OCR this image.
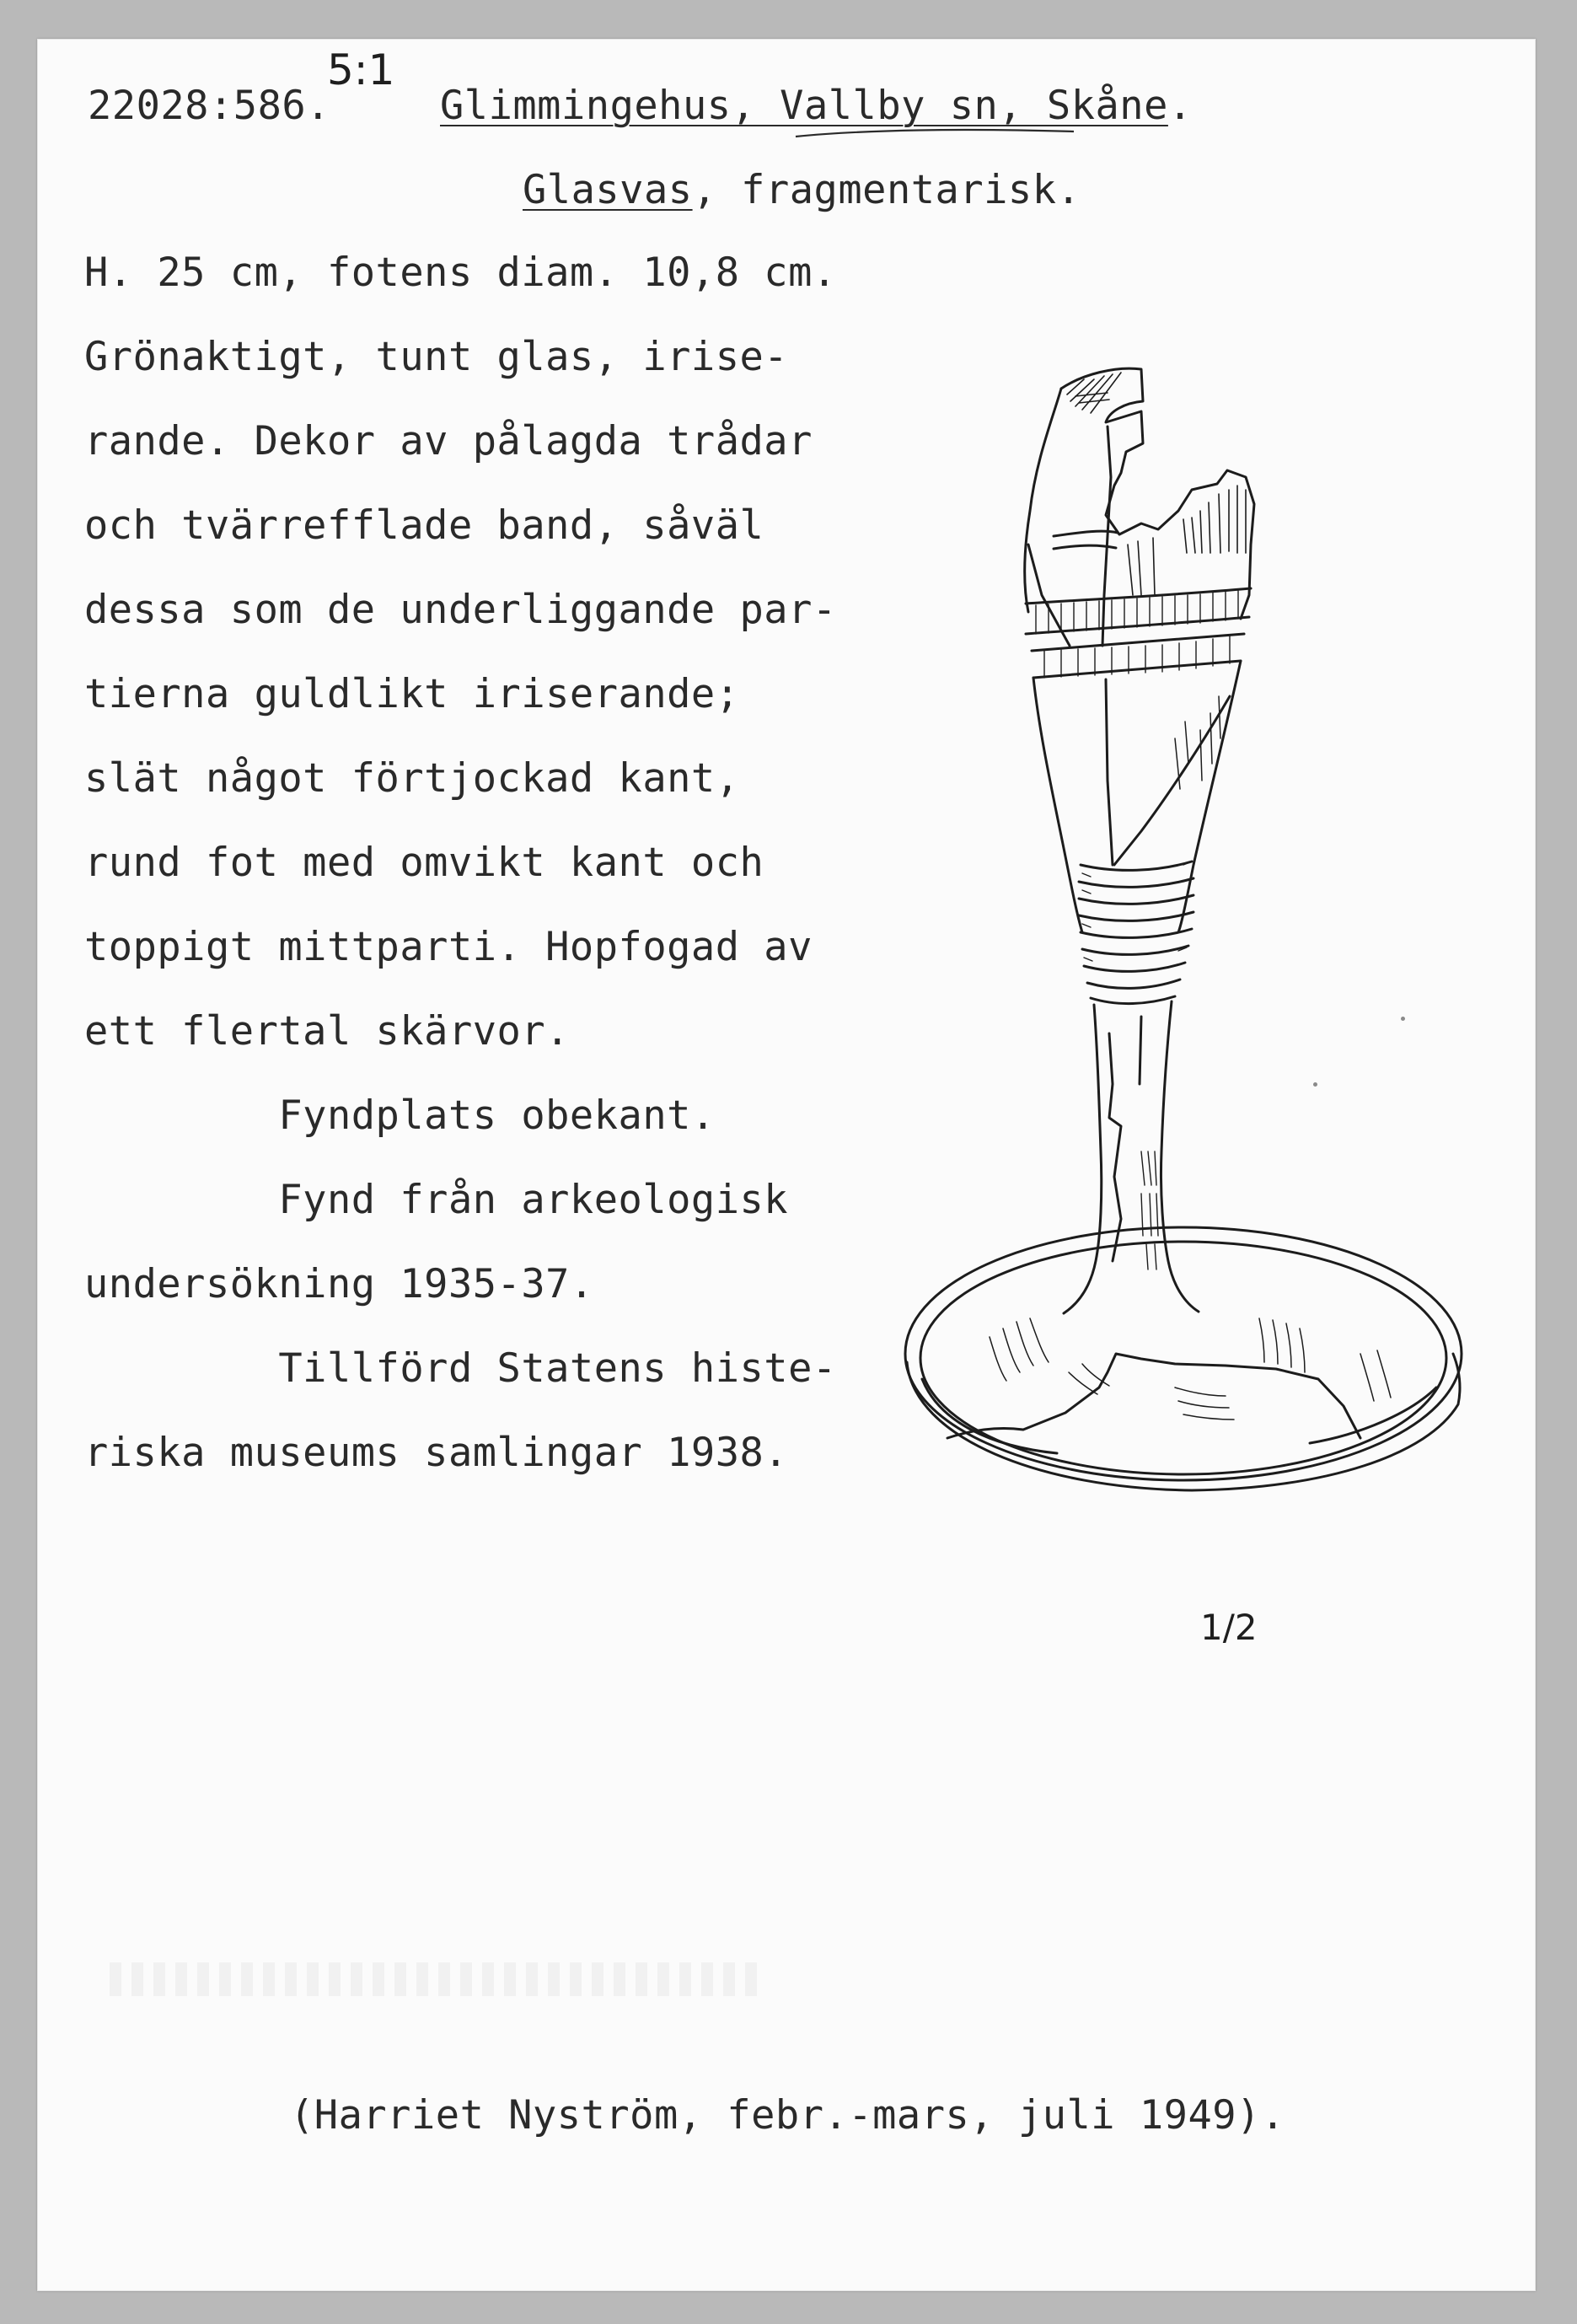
22028:586.
5:1
Glimmingehus, Vallby sn, Skåne.
Glasvas, fragmentarisk.
H. 25 cm, fotens diam. 10,8 cm.
Grönaktigt, tunt glas, irise-
rande. Dekor av pålagda trådar
och tvärrefflade band, såväl
dessa som de underliggande par-
tierna guldlikt iriserande;
slät något förtjockad kant,
rund fot med omvikt kant och
toppigt mittparti. Hopfogad av
ett flertal skärvor.
Fyndplats obekant.
Fynd från arkeologisk
undersökning 1935-37.
Tillförd Statens histe-
riska museums samlingar 1938.
1/2
(Harriet Nyström, febr.-mars, juli 1949).
